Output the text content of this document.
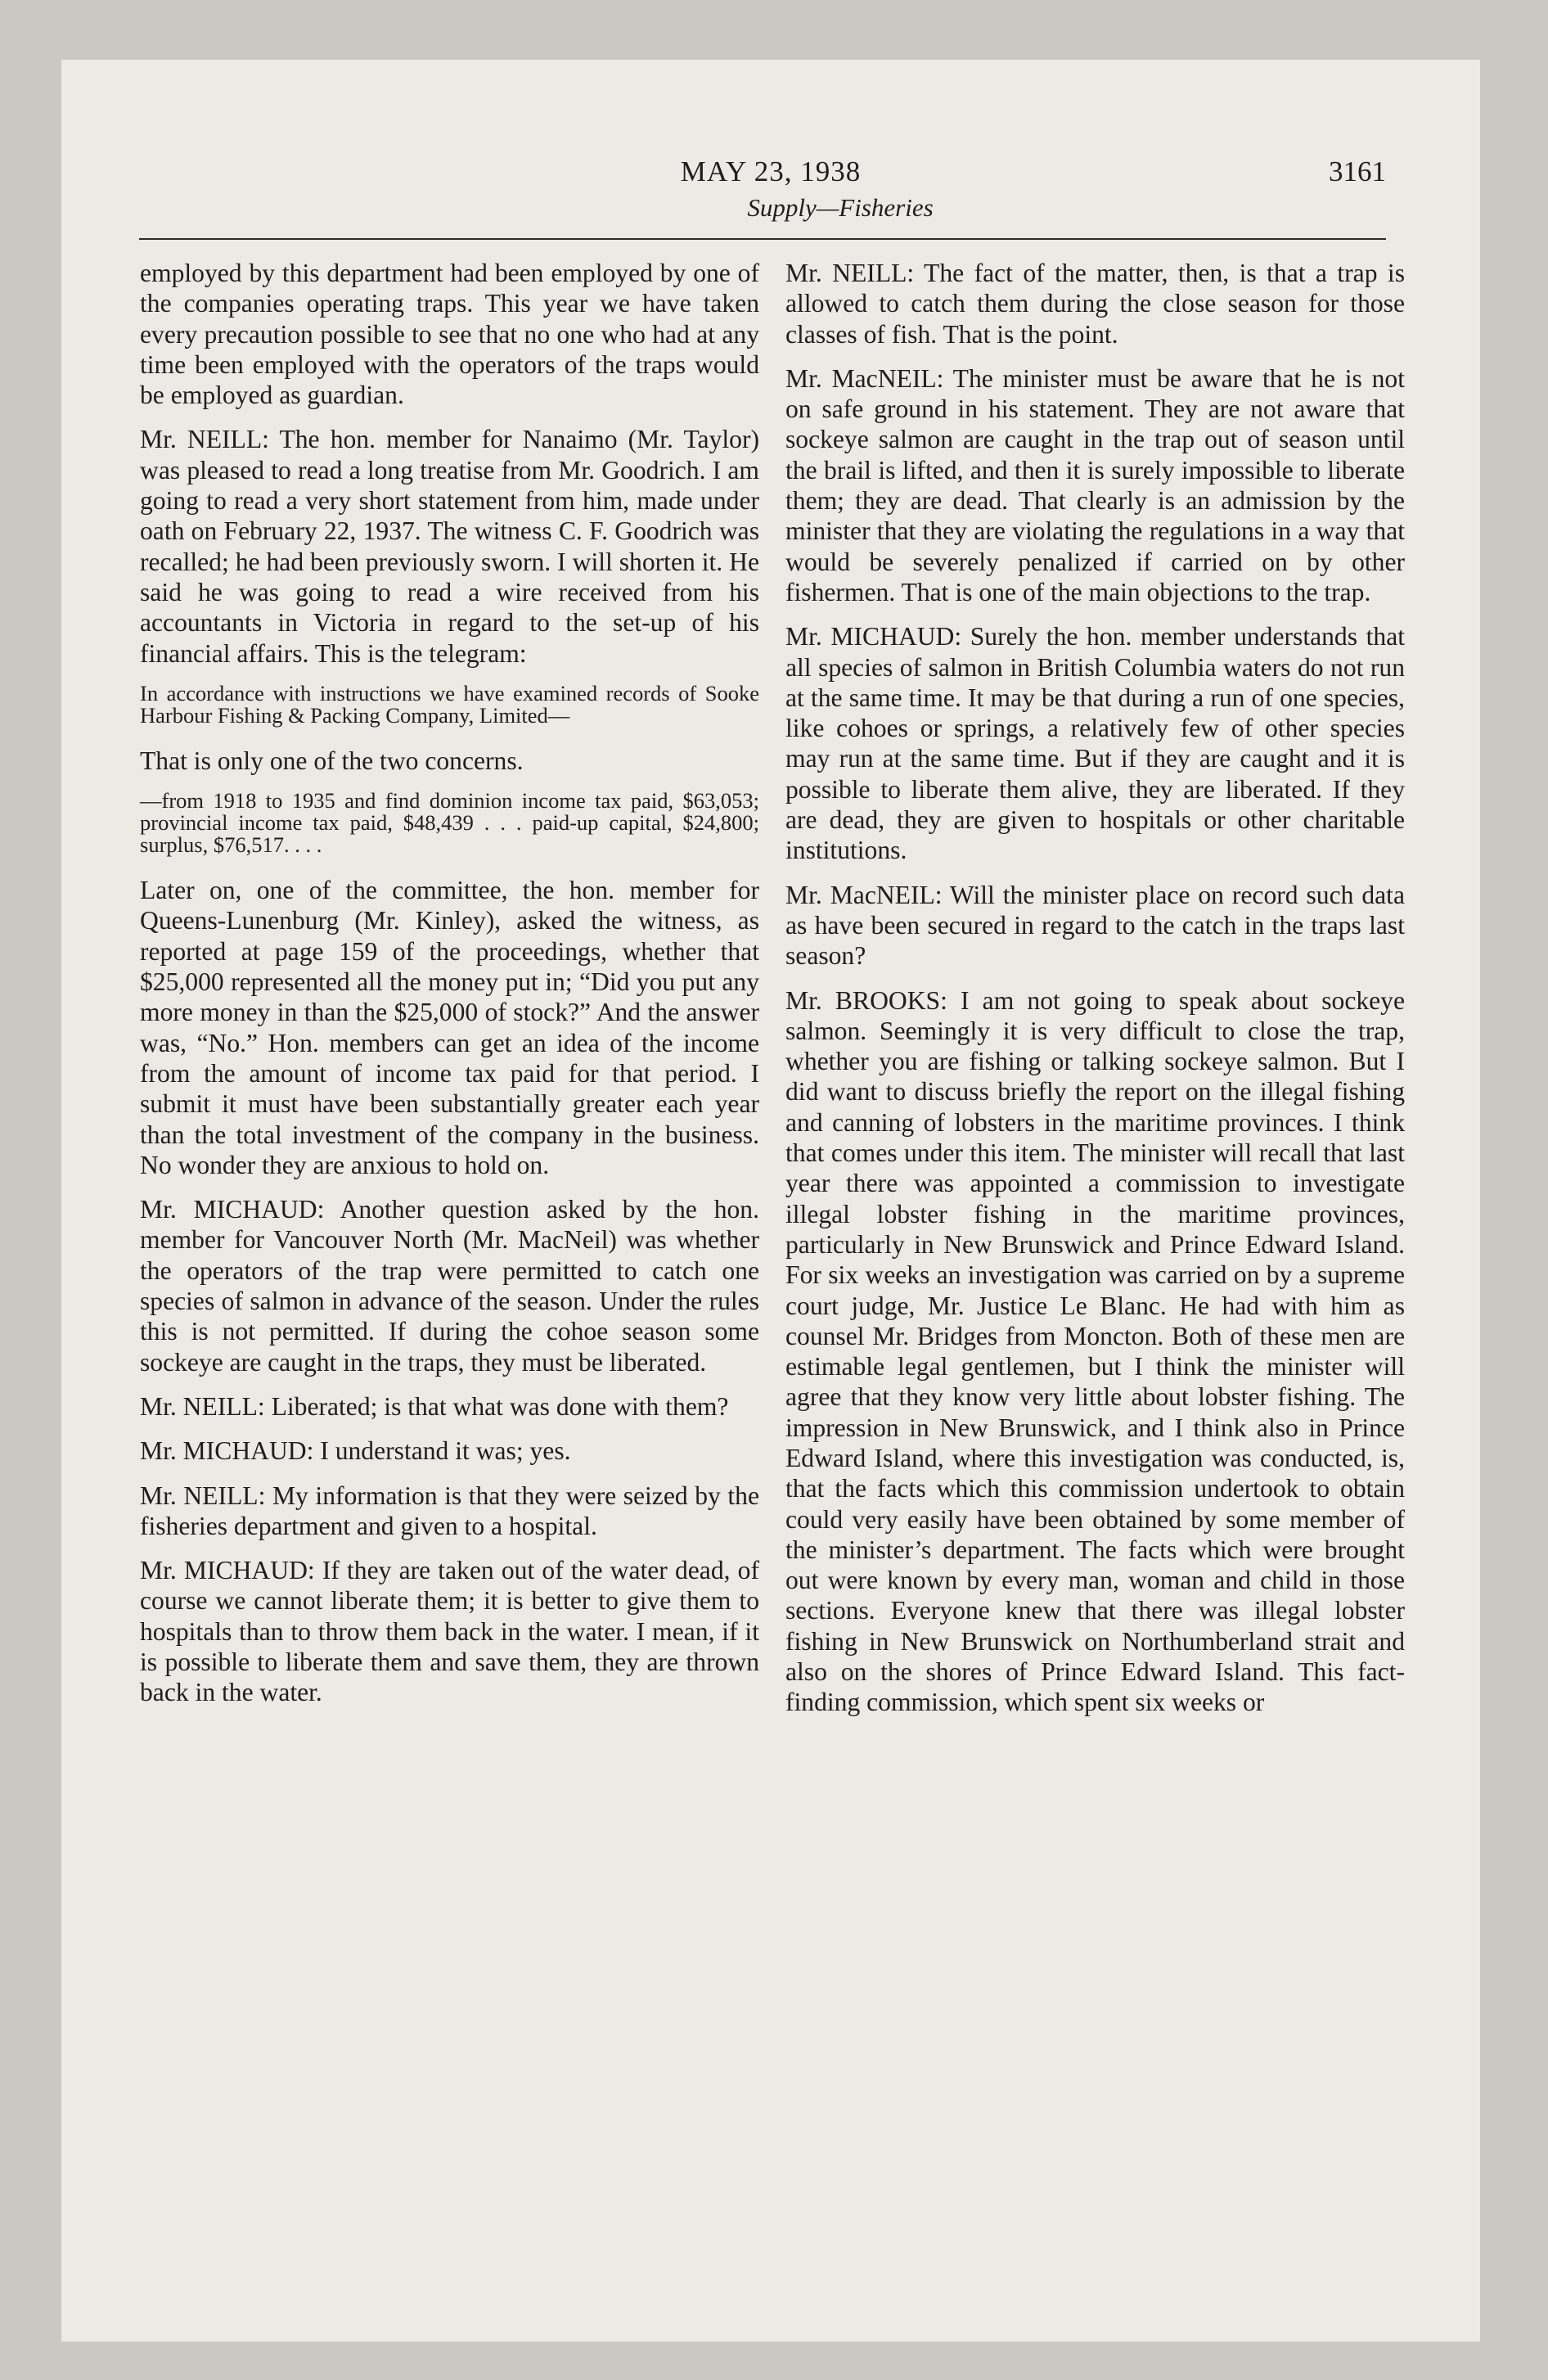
MAY 23, 1938	3161
Supply—Fisheries

employed by this department had been employed by one of the companies operating traps. This year we have taken every precaution possible to see that no one who had at any time been employed with the operators of the traps would be employed as guardian.

Mr. NEILL: The hon. member for Nanaimo (Mr. Taylor) was pleased to read a long treatise from Mr. Goodrich. I am going to read a very short statement from him, made under oath on February 22, 1937. The witness C. F. Goodrich was recalled; he had been previously sworn. I will shorten it. He said he was going to read a wire received from his accountants in Victoria in regard to the set-up of his financial affairs. This is the telegram:

In accordance with instructions we have examined records of Sooke Harbour Fishing & Packing Company, Limited—

That is only one of the two concerns.

—from 1918 to 1935 and find dominion income tax paid, $63,053; provincial income tax paid, $48,439 . . . paid-up capital, $24,800; surplus, $76,517. . . .

Later on, one of the committee, the hon. member for Queens-Lunenburg (Mr. Kinley), asked the witness, as reported at page 159 of the proceedings, whether that $25,000 represented all the money put in; “Did you put any more money in than the $25,000 of stock?” And the answer was, “No.” Hon. members can get an idea of the income from the amount of income tax paid for that period. I submit it must have been substantially greater each year than the total investment of the company in the business. No wonder they are anxious to hold on.

Mr. MICHAUD: Another question asked by the hon. member for Vancouver North (Mr. MacNeil) was whether the operators of the trap were permitted to catch one species of salmon in advance of the season. Under the rules this is not permitted. If during the cohoe season some sockeye are caught in the traps, they must be liberated.

Mr. NEILL: Liberated; is that what was done with them?

Mr. MICHAUD: I understand it was; yes.

Mr. NEILL: My information is that they were seized by the fisheries department and given to a hospital.

Mr. MICHAUD: If they are taken out of the water dead, of course we cannot liberate them; it is better to give them to hospitals than to throw them back in the water. I mean, if it is possible to liberate them and save them, they are thrown back in the water.

Mr. NEILL: The fact of the matter, then, is that a trap is allowed to catch them during the close season for those classes of fish. That is the point.

Mr. MacNEIL: The minister must be aware that he is not on safe ground in his statement. They are not aware that sockeye salmon are caught in the trap out of season until the brail is lifted, and then it is surely impossible to liberate them; they are dead. That clearly is an admission by the minister that they are violating the regulations in a way that would be severely penalized if carried on by other fishermen. That is one of the main objections to the trap.

Mr. MICHAUD: Surely the hon. member understands that all species of salmon in British Columbia waters do not run at the same time. It may be that during a run of one species, like cohoes or springs, a relatively few of other species may run at the same time. But if they are caught and it is possible to liberate them alive, they are liberated. If they are dead, they are given to hospitals or other charitable institutions.

Mr. MacNEIL: Will the minister place on record such data as have been secured in regard to the catch in the traps last season?

Mr. BROOKS: I am not going to speak about sockeye salmon. Seemingly it is very difficult to close the trap, whether you are fishing or talking sockeye salmon. But I did want to discuss briefly the report on the illegal fishing and canning of lobsters in the maritime provinces. I think that comes under this item. The minister will recall that last year there was appointed a commission to investigate illegal lobster fishing in the maritime provinces, particularly in New Brunswick and Prince Edward Island. For six weeks an investigation was carried on by a supreme court judge, Mr. Justice Le Blanc. He had with him as counsel Mr. Bridges from Moncton. Both of these men are estimable legal gentlemen, but I think the minister will agree that they know very little about lobster fishing. The impression in New Brunswick, and I think also in Prince Edward Island, where this investigation was conducted, is, that the facts which this commission undertook to obtain could very easily have been obtained by some member of the minister’s department. The facts which were brought out were known by every man, woman and child in those sections. Everyone knew that there was illegal lobster fishing in New Brunswick on Northumberland strait and also on the shores of Prince Edward Island. This fact-finding commission, which spent six weeks or
